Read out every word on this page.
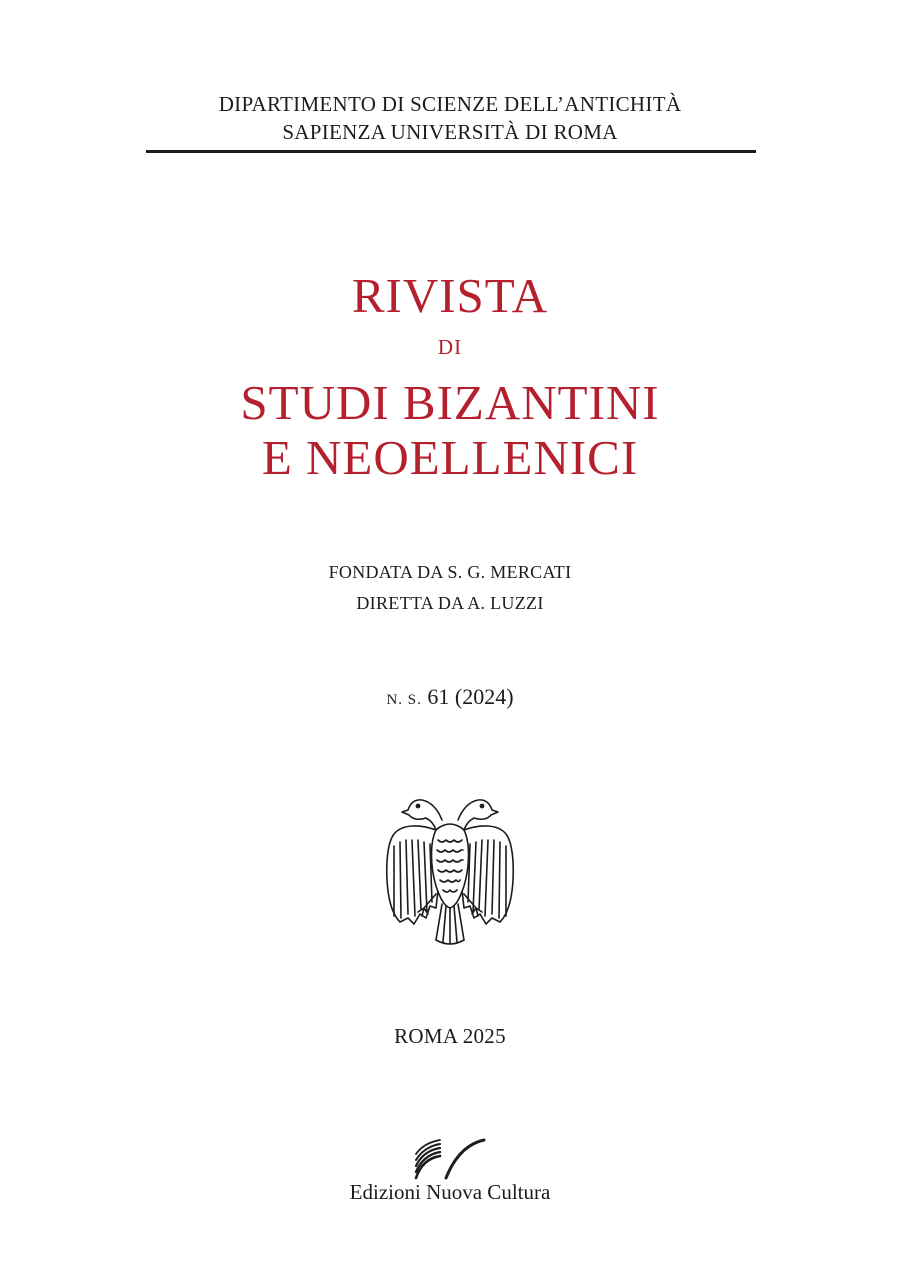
DIPARTIMENTO DI SCIENZE DELL’ANTICHITÀ
SAPIENZA UNIVERSITÀ DI ROMA
RIVISTA
DI
STUDI BIZANTINI
E NEOELLENICI
FONDATA DA S. G. MERCATI
DIRETTA DA A. LUZZI
N. S. 61 (2024)
ROMA 2025
Edizioni Nuova Cultura
